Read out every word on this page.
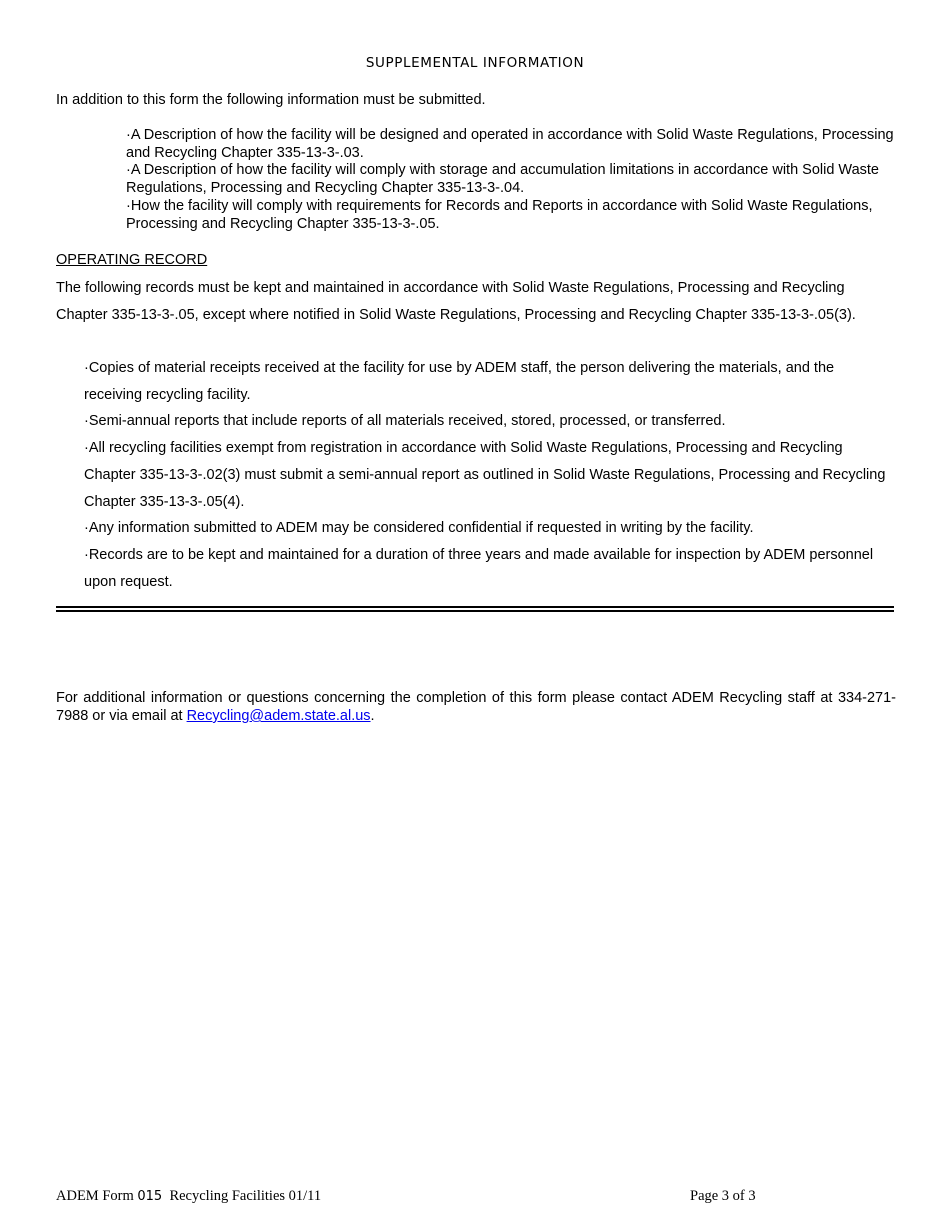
SUPPLEMENTAL INFORMATION

In addition to this form the following information must be submitted.

·A Description of how the facility will be designed and operated in accordance with Solid Waste Regulations, Processing and Recycling Chapter 335-13-3-.03.
·A Description of how the facility will comply with storage and accumulation limitations in accordance with Solid Waste Regulations, Processing and Recycling Chapter 335-13-3-.04.
·How the facility will comply with requirements for Records and Reports in accordance with Solid Waste Regulations, Processing and Recycling Chapter 335-13-3-.05.
OPERATING RECORD

The following records must be kept and maintained in accordance with Solid Waste Regulations, Processing and Recycling Chapter 335-13-3-.05, except where notified in Solid Waste Regulations, Processing and Recycling Chapter 335-13-3-.05(3).

·Copies of material receipts received at the facility for use by ADEM staff, the person delivering the materials, and the receiving recycling facility.
·Semi-annual reports that include reports of all materials received, stored, processed, or transferred.
·All recycling facilities exempt from registration in accordance with Solid Waste Regulations, Processing and Recycling Chapter 335-13-3-.02(3) must submit a semi-annual report as outlined in Solid Waste Regulations, Processing and Recycling Chapter 335-13-3-.05(4).
·Any information submitted to ADEM may be considered confidential if requested in writing by the facility.
·Records are to be kept and maintained for a duration of three years and made available for inspection by ADEM personnel upon request.

For additional information or questions concerning the completion of this form please contact ADEM Recycling staff at 334-271-7988 or via email at Recycling@adem.state.al.us.

ADEM Form 015  Recycling Facilities 01/11	Page 3 of 3
